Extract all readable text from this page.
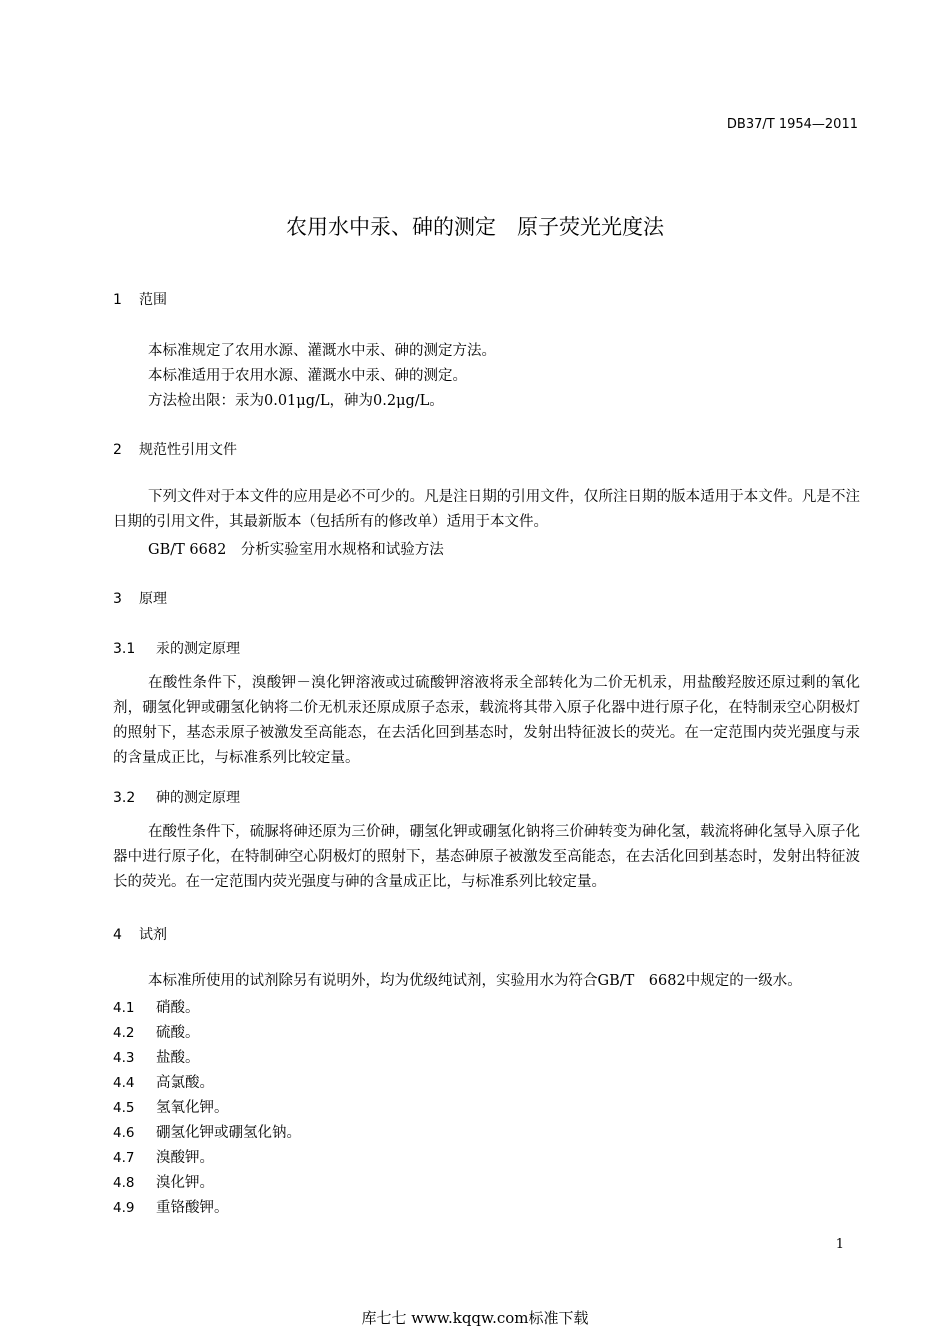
DB37/T 1954—2011
农用水中汞、砷的测定　原子荧光光度法
1 范围
本标准规定了农用水源、灌溉水中汞、砷的测定方法。
本标准适用于农用水源、灌溉水中汞、砷的测定。
方法检出限：汞为0.01μg/L，砷为0.2μg/L。
2 规范性引用文件
下列文件对于本文件的应用是必不可少的。凡是注日期的引用文件，仅所注日期的版本适用于本文件。凡是不注日期的引用文件，其最新版本（包括所有的修改单）适用于本文件。
GB/T 6682　分析实验室用水规格和试验方法
3 原理
3.1 汞的测定原理
在酸性条件下，溴酸钾－溴化钾溶液或过硫酸钾溶液将汞全部转化为二价无机汞，用盐酸羟胺还原过剩的氧化剂，硼氢化钾或硼氢化钠将二价无机汞还原成原子态汞，载流将其带入原子化器中进行原子化，在特制汞空心阴极灯的照射下，基态汞原子被激发至高能态，在去活化回到基态时，发射出特征波长的荧光。在一定范围内荧光强度与汞的含量成正比，与标准系列比较定量。
3.2 砷的测定原理
在酸性条件下，硫脲将砷还原为三价砷，硼氢化钾或硼氢化钠将三价砷转变为砷化氢，载流将砷化氢导入原子化器中进行原子化，在特制砷空心阴极灯的照射下，基态砷原子被激发至高能态，在去活化回到基态时，发射出特征波长的荧光。在一定范围内荧光强度与砷的含量成正比，与标准系列比较定量。
4 试剂
本标准所使用的试剂除另有说明外，均为优级纯试剂，实验用水为符合GB/T　6682中规定的一级水。
4.1 硝酸。
4.2 硫酸。
4.3 盐酸。
4.4 高氯酸。
4.5 氢氧化钾。
4.6 硼氢化钾或硼氢化钠。
4.7 溴酸钾。
4.8 溴化钾。
4.9 重铬酸钾。
1
库七七 www.kqqw.com标准下载
